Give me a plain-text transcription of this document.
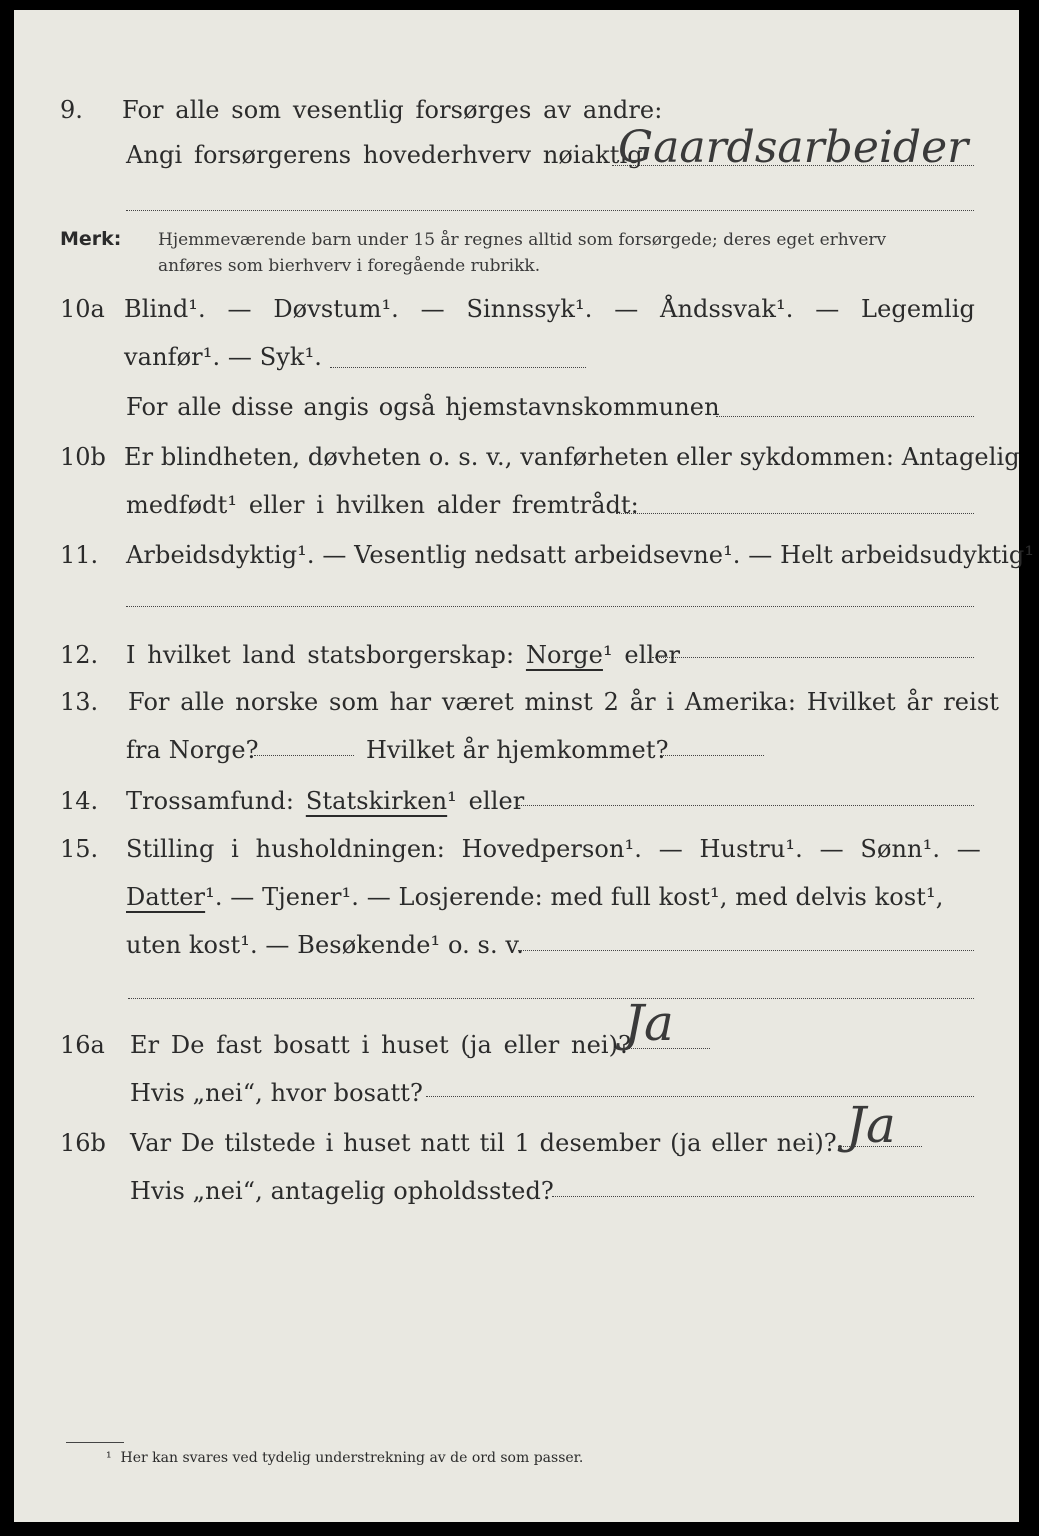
9. For alle som vesentlig forsørges av andre:
Angi forsørgerens hovederhverv nøiaktig
Gaardsarbeider
Merk: Hjemmeværende barn under 15 år regnes alltid som forsørgede; deres eget erhverv
anføres som bierhverv i foregående rubrikk.
10a Blind¹. — Døvstum¹. — Sinnssyk¹. — Åndssvak¹. — Legemlig
vanfør¹. — Syk¹.
For alle disse angis også hjemstavnskommunen
10b Er blindheten, døvheten o. s. v., vanførheten eller sykdommen: Antagelig
medfødt¹ eller i hvilken alder fremtrådt:
11. Arbeidsdyktig¹. — Vesentlig nedsatt arbeidsevne¹. — Helt arbeidsudyktig¹
12. I hvilket land statsborgerskap: Norge¹ eller
13. For alle norske som har været minst 2 år i Amerika: Hvilket år reist
fra Norge?	Hvilket år hjemkommet?
14. Trossamfund: Statskirken¹ eller
15. Stilling i husholdningen: Hovedperson¹. — Hustru¹. — Sønn¹. —
Datter¹. — Tjener¹. — Losjerende: med full kost¹, med delvis kost¹,
uten kost¹. — Besøkende¹ o. s. v.
16a Er De fast bosatt i huset (ja eller nei)?
Ja
Hvis „nei“, hvor bosatt?
16b Var De tilstede i huset natt til 1 desember (ja eller nei)? Ja
Hvis „nei“, antagelig opholdssted?
¹ Her kan svares ved tydelig understrekning av de ord som passer.
